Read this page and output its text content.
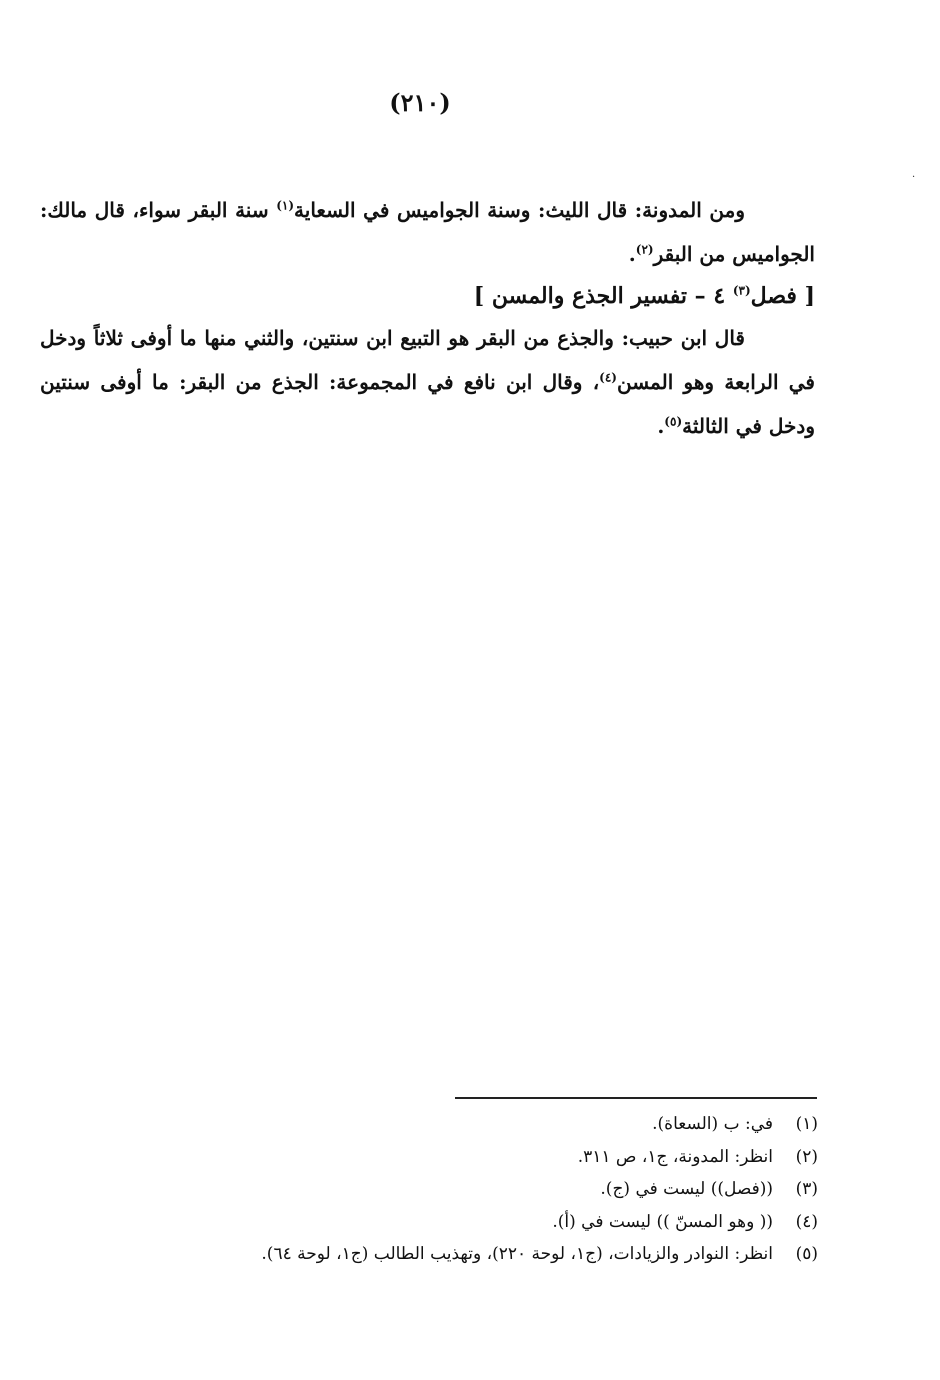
(٢١٠)
·

ومن المدونة: قال الليث: وسنة الجواميس في السعاية$^{(١)}$ سنة البقر سواء، قال مالك: الجواميس من البقر$^{(٢)}$.

[ فصل$^{(٣)}$ ٤ – تفسير الجذع والمسن ]

قال ابن حبيب: والجذع من البقر هو التبيع ابن سنتين، والثني منها ما أوفى ثلاثاً ودخل في الرابعة وهو المسن$^{(٤)}$، وقال ابن نافع في المجموعة: الجذع من البقر: ما أوفى سنتين ودخل في الثالثة$^{(٥)}$.

(١)
في: ب (السعاة).
(٢)
انظر: المدونة، ج١، ص ٣١١.
(٣)
((فصل)) ليست في (ج).
(٤)
(( وهو المسنّ )) ليست في (أ).
(٥)
انظر: النوادر والزيادات، (ج١، لوحة ٢٢٠)، وتهذيب الطالب (ج١، لوحة ٦٤).
